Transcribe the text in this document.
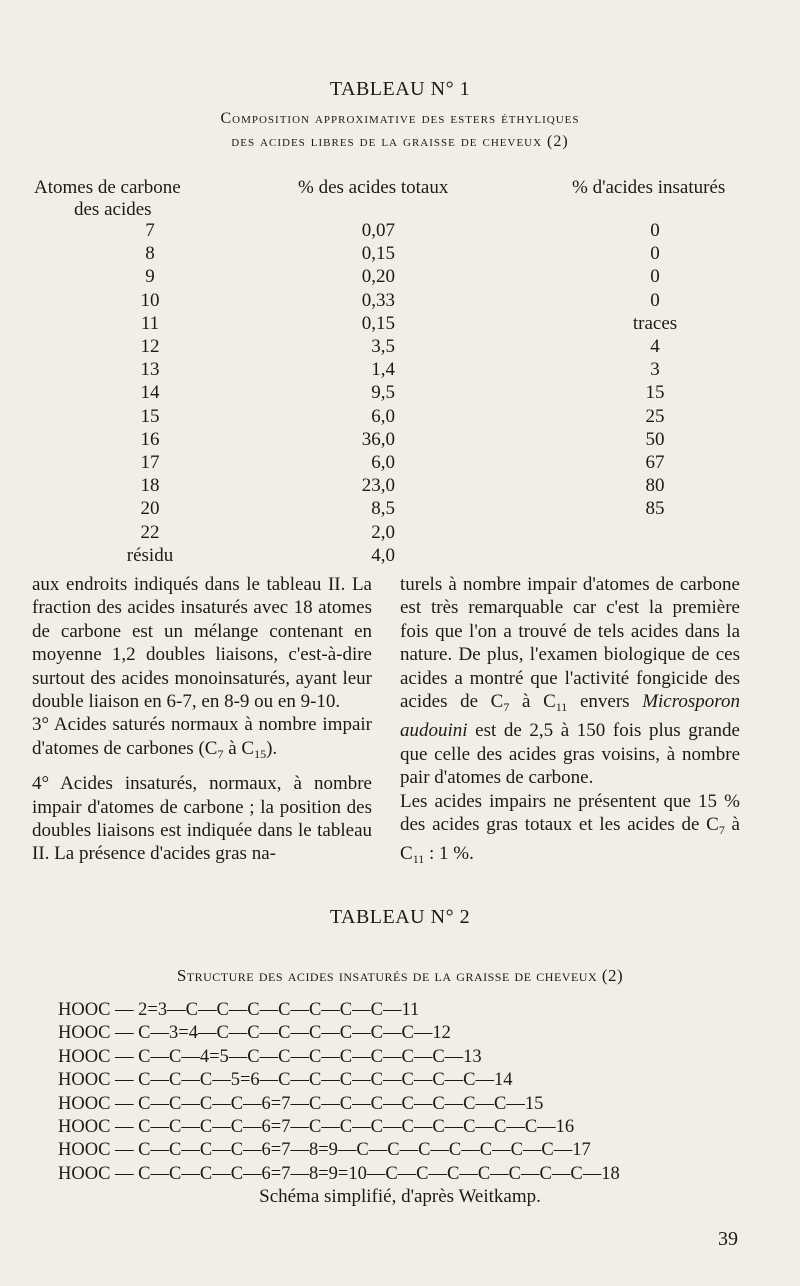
TABLEAU N° 1
Composition approximative des esters éthyliques
des acides libres de la graisse de cheveux (2)
Atomes de carbone
des acides
% des acides totaux	% d'acides insaturés
7	0,07	0
8	0,15	0
9	0,20	0
10	0,33	0
11	0,15	traces
12	3,5	4
13	1,4	3
14	9,5	15
15	6,0	25
16	36,0	50
17	6,0	67
18	23,0	80
20	8,5	85
22	2,0
résidu	4,0

aux endroits indiqués dans le tableau II. La fraction des acides insaturés avec 18 atomes de carbone est un mélange contenant en moyenne 1,2 doubles liaisons, c'est-à-dire surtout des acides monoinsaturés, ayant leur double liaison en 6-7, en 8-9 ou en 9-10.

3° Acides saturés normaux à nombre impair d'atomes de carbones ($C_7$ à $C_{15}$).

4° Acides insaturés, normaux, à nombre impair d'atomes de carbone ; la position des doubles liaisons est indiquée dans le tableau II. La présence d'acides gras na-

turels à nombre impair d'atomes de carbone est très remarquable car c'est la première fois que l'on a trouvé de tels acides dans la nature. De plus, l'examen biologique de ces acides a montré que l'activité fongicide des acides de $C_7$ à $C_{11}$ envers Microsporon audouini est de 2,5 à 150 fois plus grande que celle des acides gras voisins, à nombre pair d'atomes de carbone.

Les acides impairs ne présentent que 15 % des acides gras totaux et les acides de $C_7$ à $C_{11}$ : 1 %.

TABLEAU N° 2
Structure des acides insaturés de la graisse de cheveux (2)
HOOC — 2=3—C—C—C—C—C—C—C—11
HOOC — C—3=4—C—C—C—C—C—C—C—12
HOOC — C—C—4=5—C—C—C—C—C—C—C—13
HOOC — C—C—C—5=6—C—C—C—C—C—C—C—14
HOOC — C—C—C—C—6=7—C—C—C—C—C—C—C—15
HOOC — C—C—C—C—6=7—C—C—C—C—C—C—C—C—16
HOOC — C—C—C—C—6=7—8=9—C—C—C—C—C—C—C—17
HOOC — C—C—C—C—6=7—8=9=10—C—C—C—C—C—C—C—18
Schéma simplifié, d'après Weitkamp.
39
